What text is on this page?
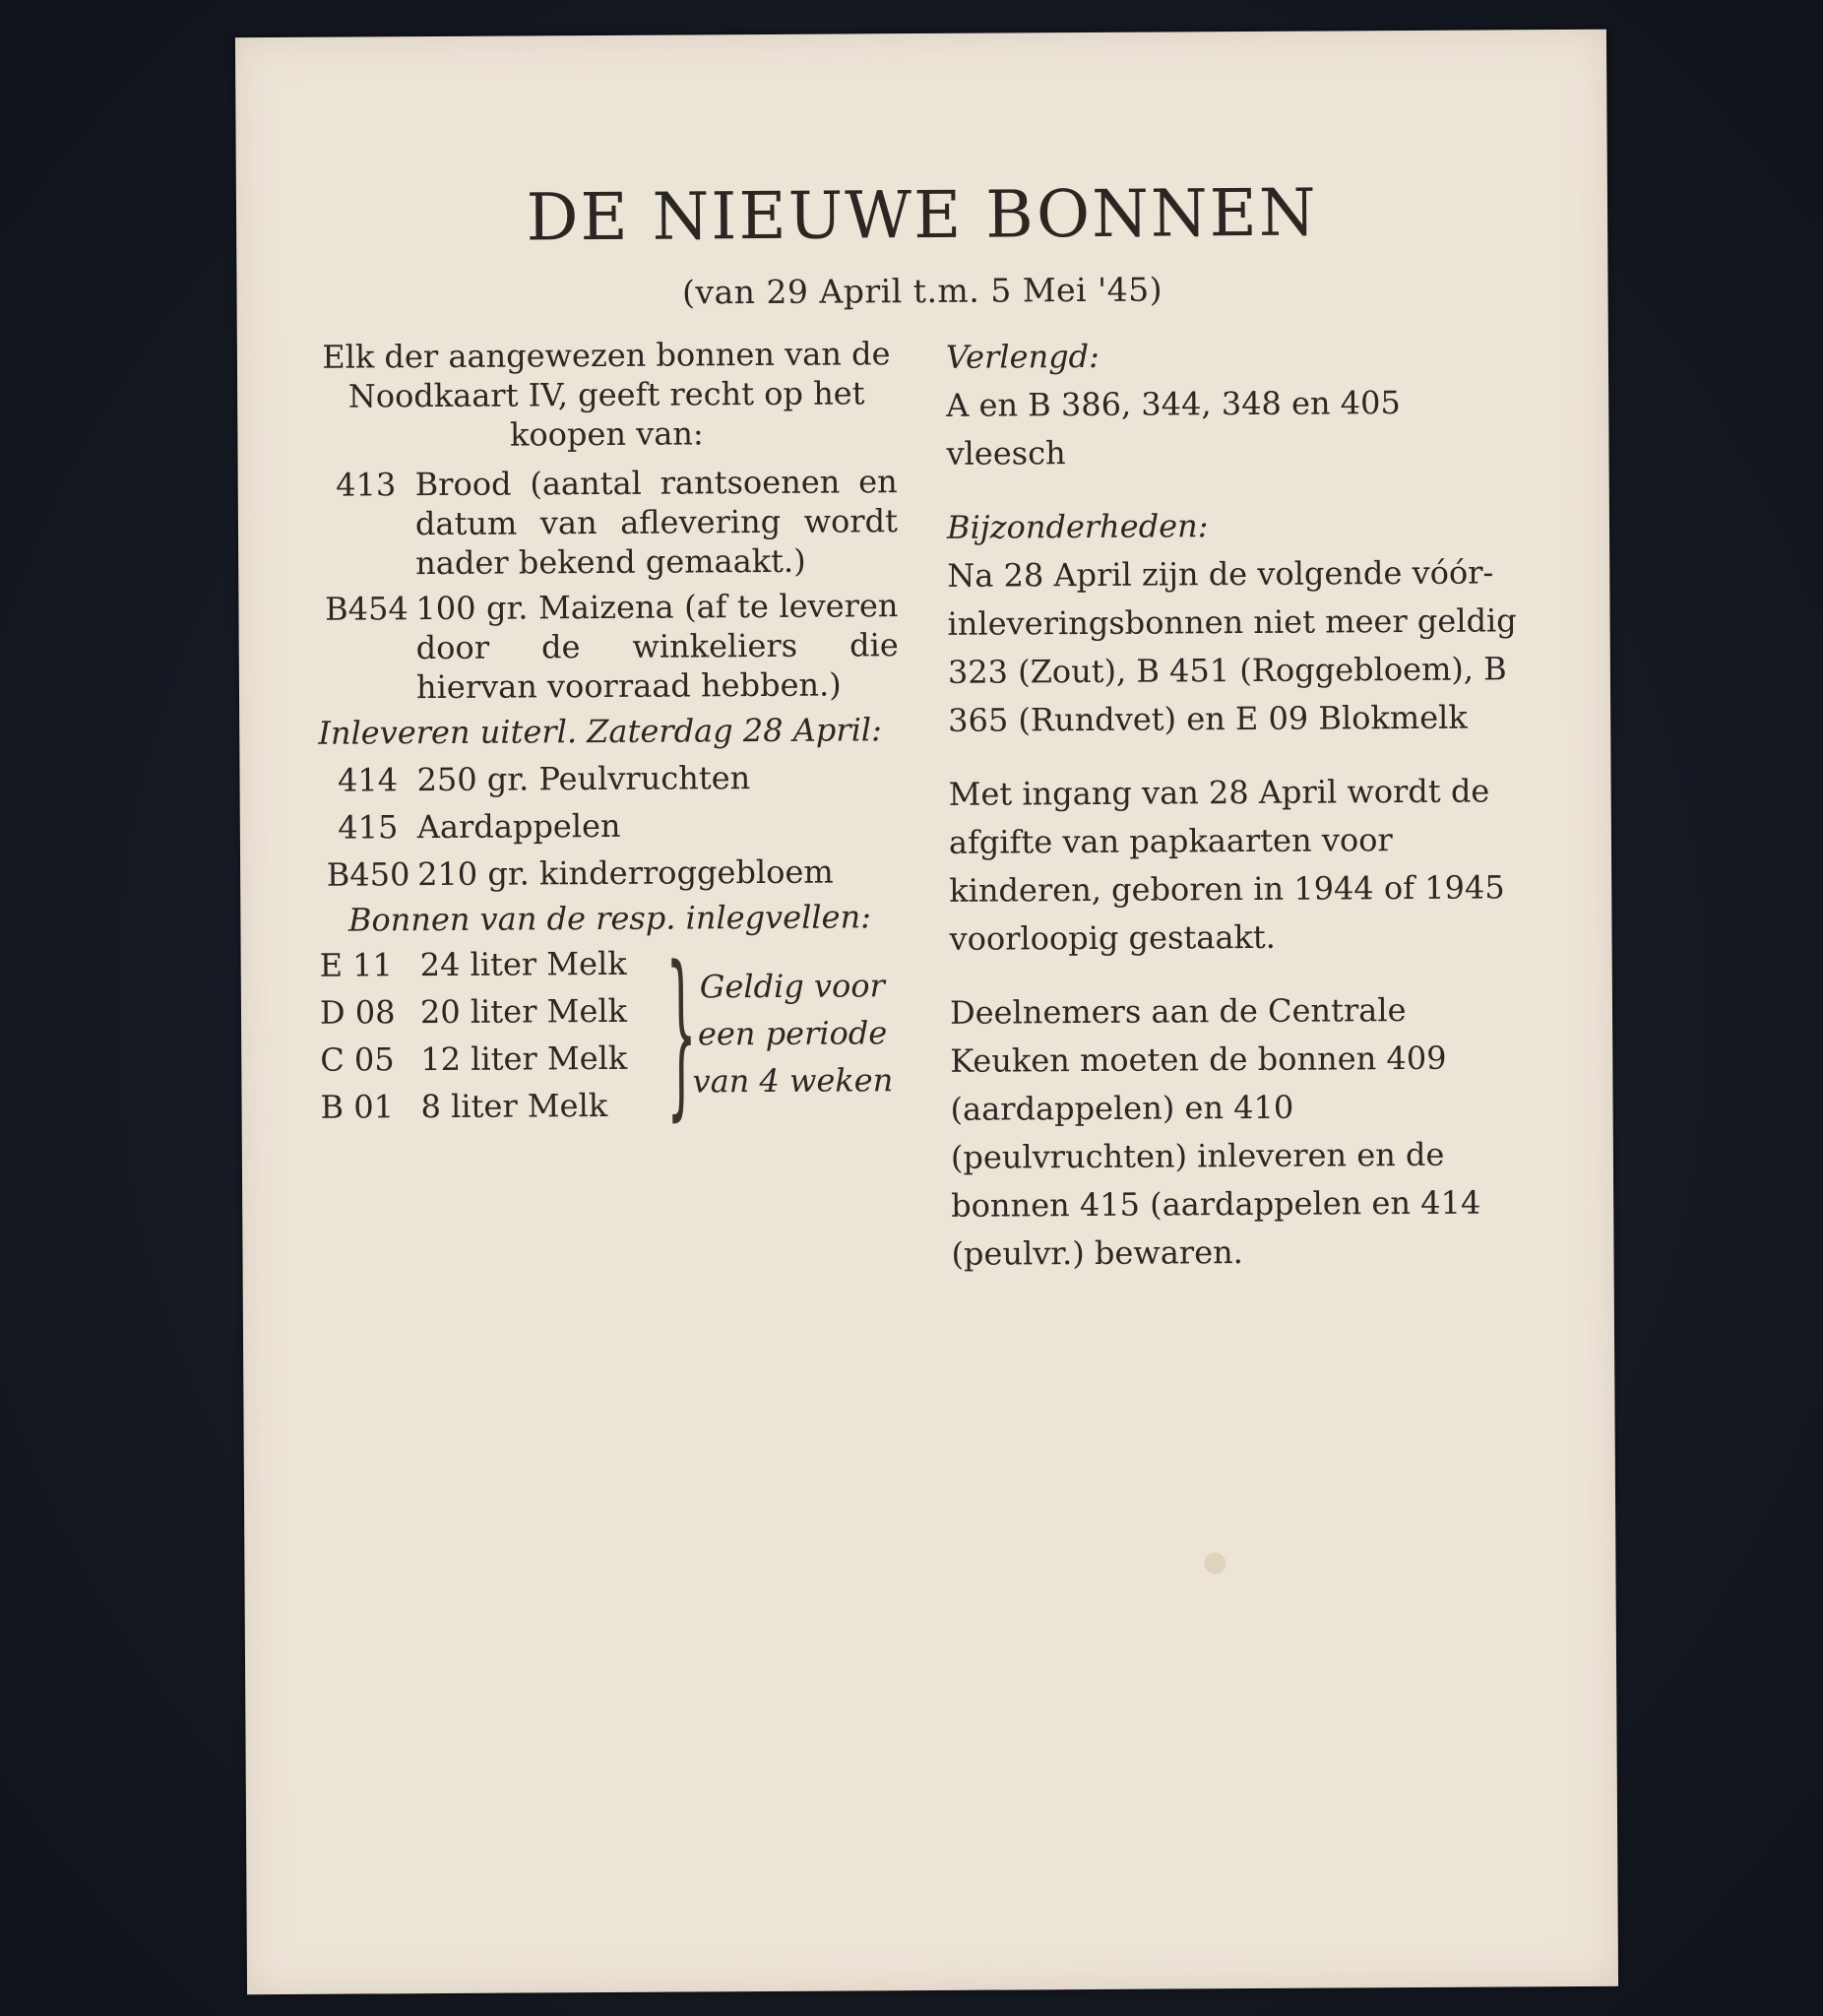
DE NIEUWE BONNEN
(van 29 April t.m. 5 Mei '45)
Elk der aangewezen bonnen van de Noodkaart IV, geeft recht op het koopen van:
413 Brood (aantal rantsoenen en datum van aflevering wordt nader bekend gemaakt.)
B454 100 gr. Maizena (af te leveren door de winkeliers die hiervan voorraad hebben.)
Inleveren uiterl. Zaterdag 28 April:
414 250 gr. Peulvruchten
415 Aardappelen
B450 210 gr. kinderroggebloem
Bonnen van de resp. inlegvellen:
E 11 24 liter Melk
D 08 20 liter Melk
C 05 12 liter Melk
B 01 8 liter Melk } Geldig voor
een periode
van 4 weken
Verlengd:
A en B 386, 344, 348 en 405 vleesch
Bijzonderheden:
Na 28 April zijn de volgende vóór-inleveringsbonnen niet meer geldig 323 (Zout), B 451 (Roggebloem), B 365 (Rundvet) en E 09 Blokmelk
Met ingang van 28 April wordt de afgifte van papkaarten voor kinderen, geboren in 1944 of 1945 voorloopig gestaakt.
Deelnemers aan de Centrale Keuken moeten de bonnen 409 (aardappelen) en 410 (peulvruchten) inleveren en de bonnen 415 (aardappelen en 414 (peulvr.) bewaren.
